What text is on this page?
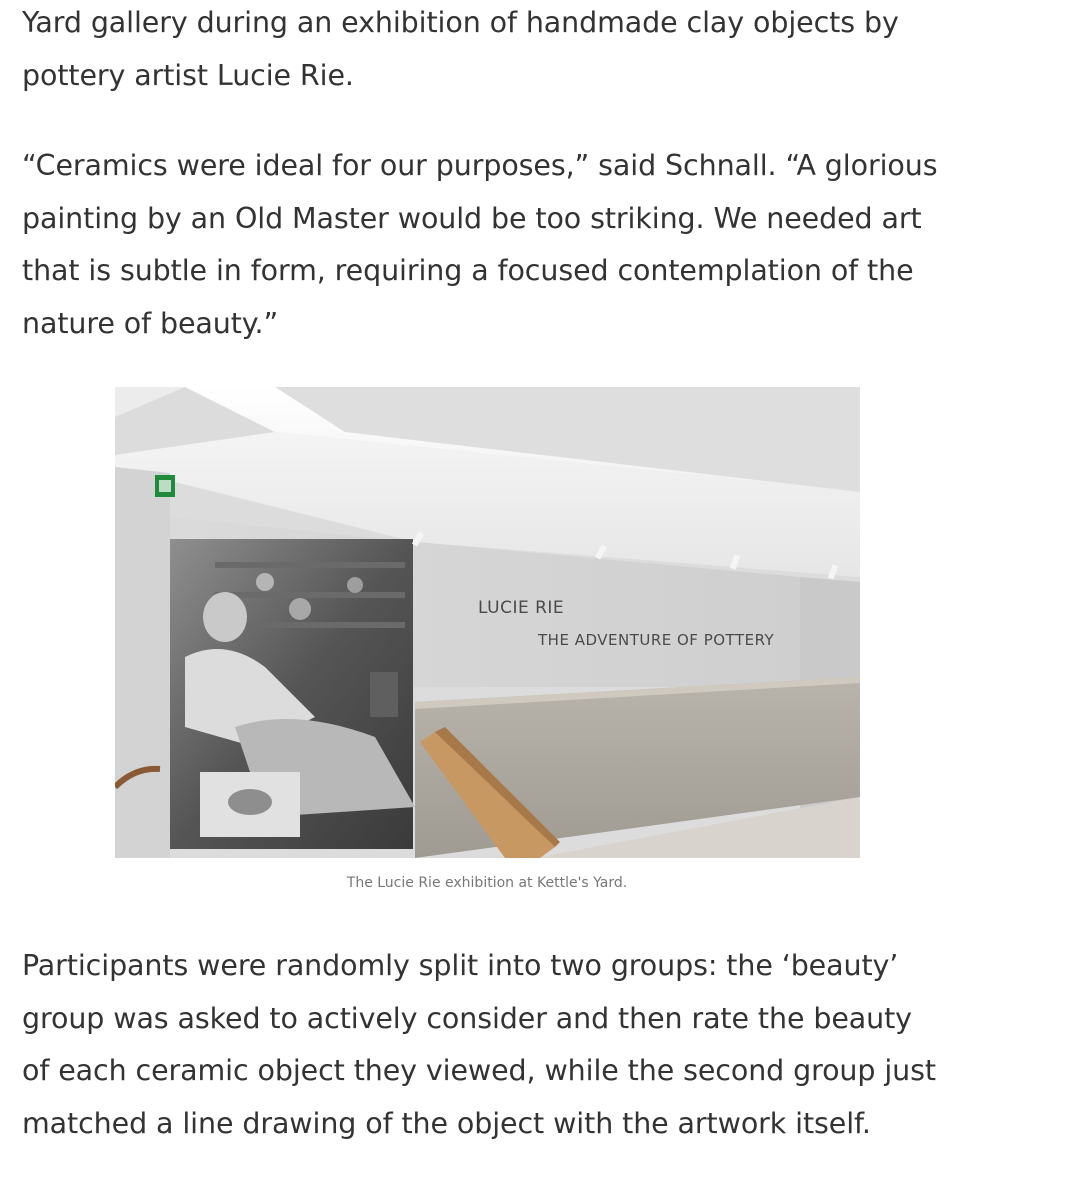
Yard gallery during an exhibition of handmade clay objects by
pottery artist Lucie Rie.

“Ceramics were ideal for our purposes,” said Schnall. “A glorious
painting by an Old Master would be too striking. We needed art
that is subtle in form, requiring a focused contemplation of the
nature of beauty.”

LUCIE RIE
THE ADVENTURE OF POTTERY
The Lucie Rie exhibition at Kettle's Yard.

Participants were randomly split into two groups: the ‘beauty’
group was asked to actively consider and then rate the beauty
of each ceramic object they viewed, while the second group just
matched a line drawing of the object with the artwork itself.
